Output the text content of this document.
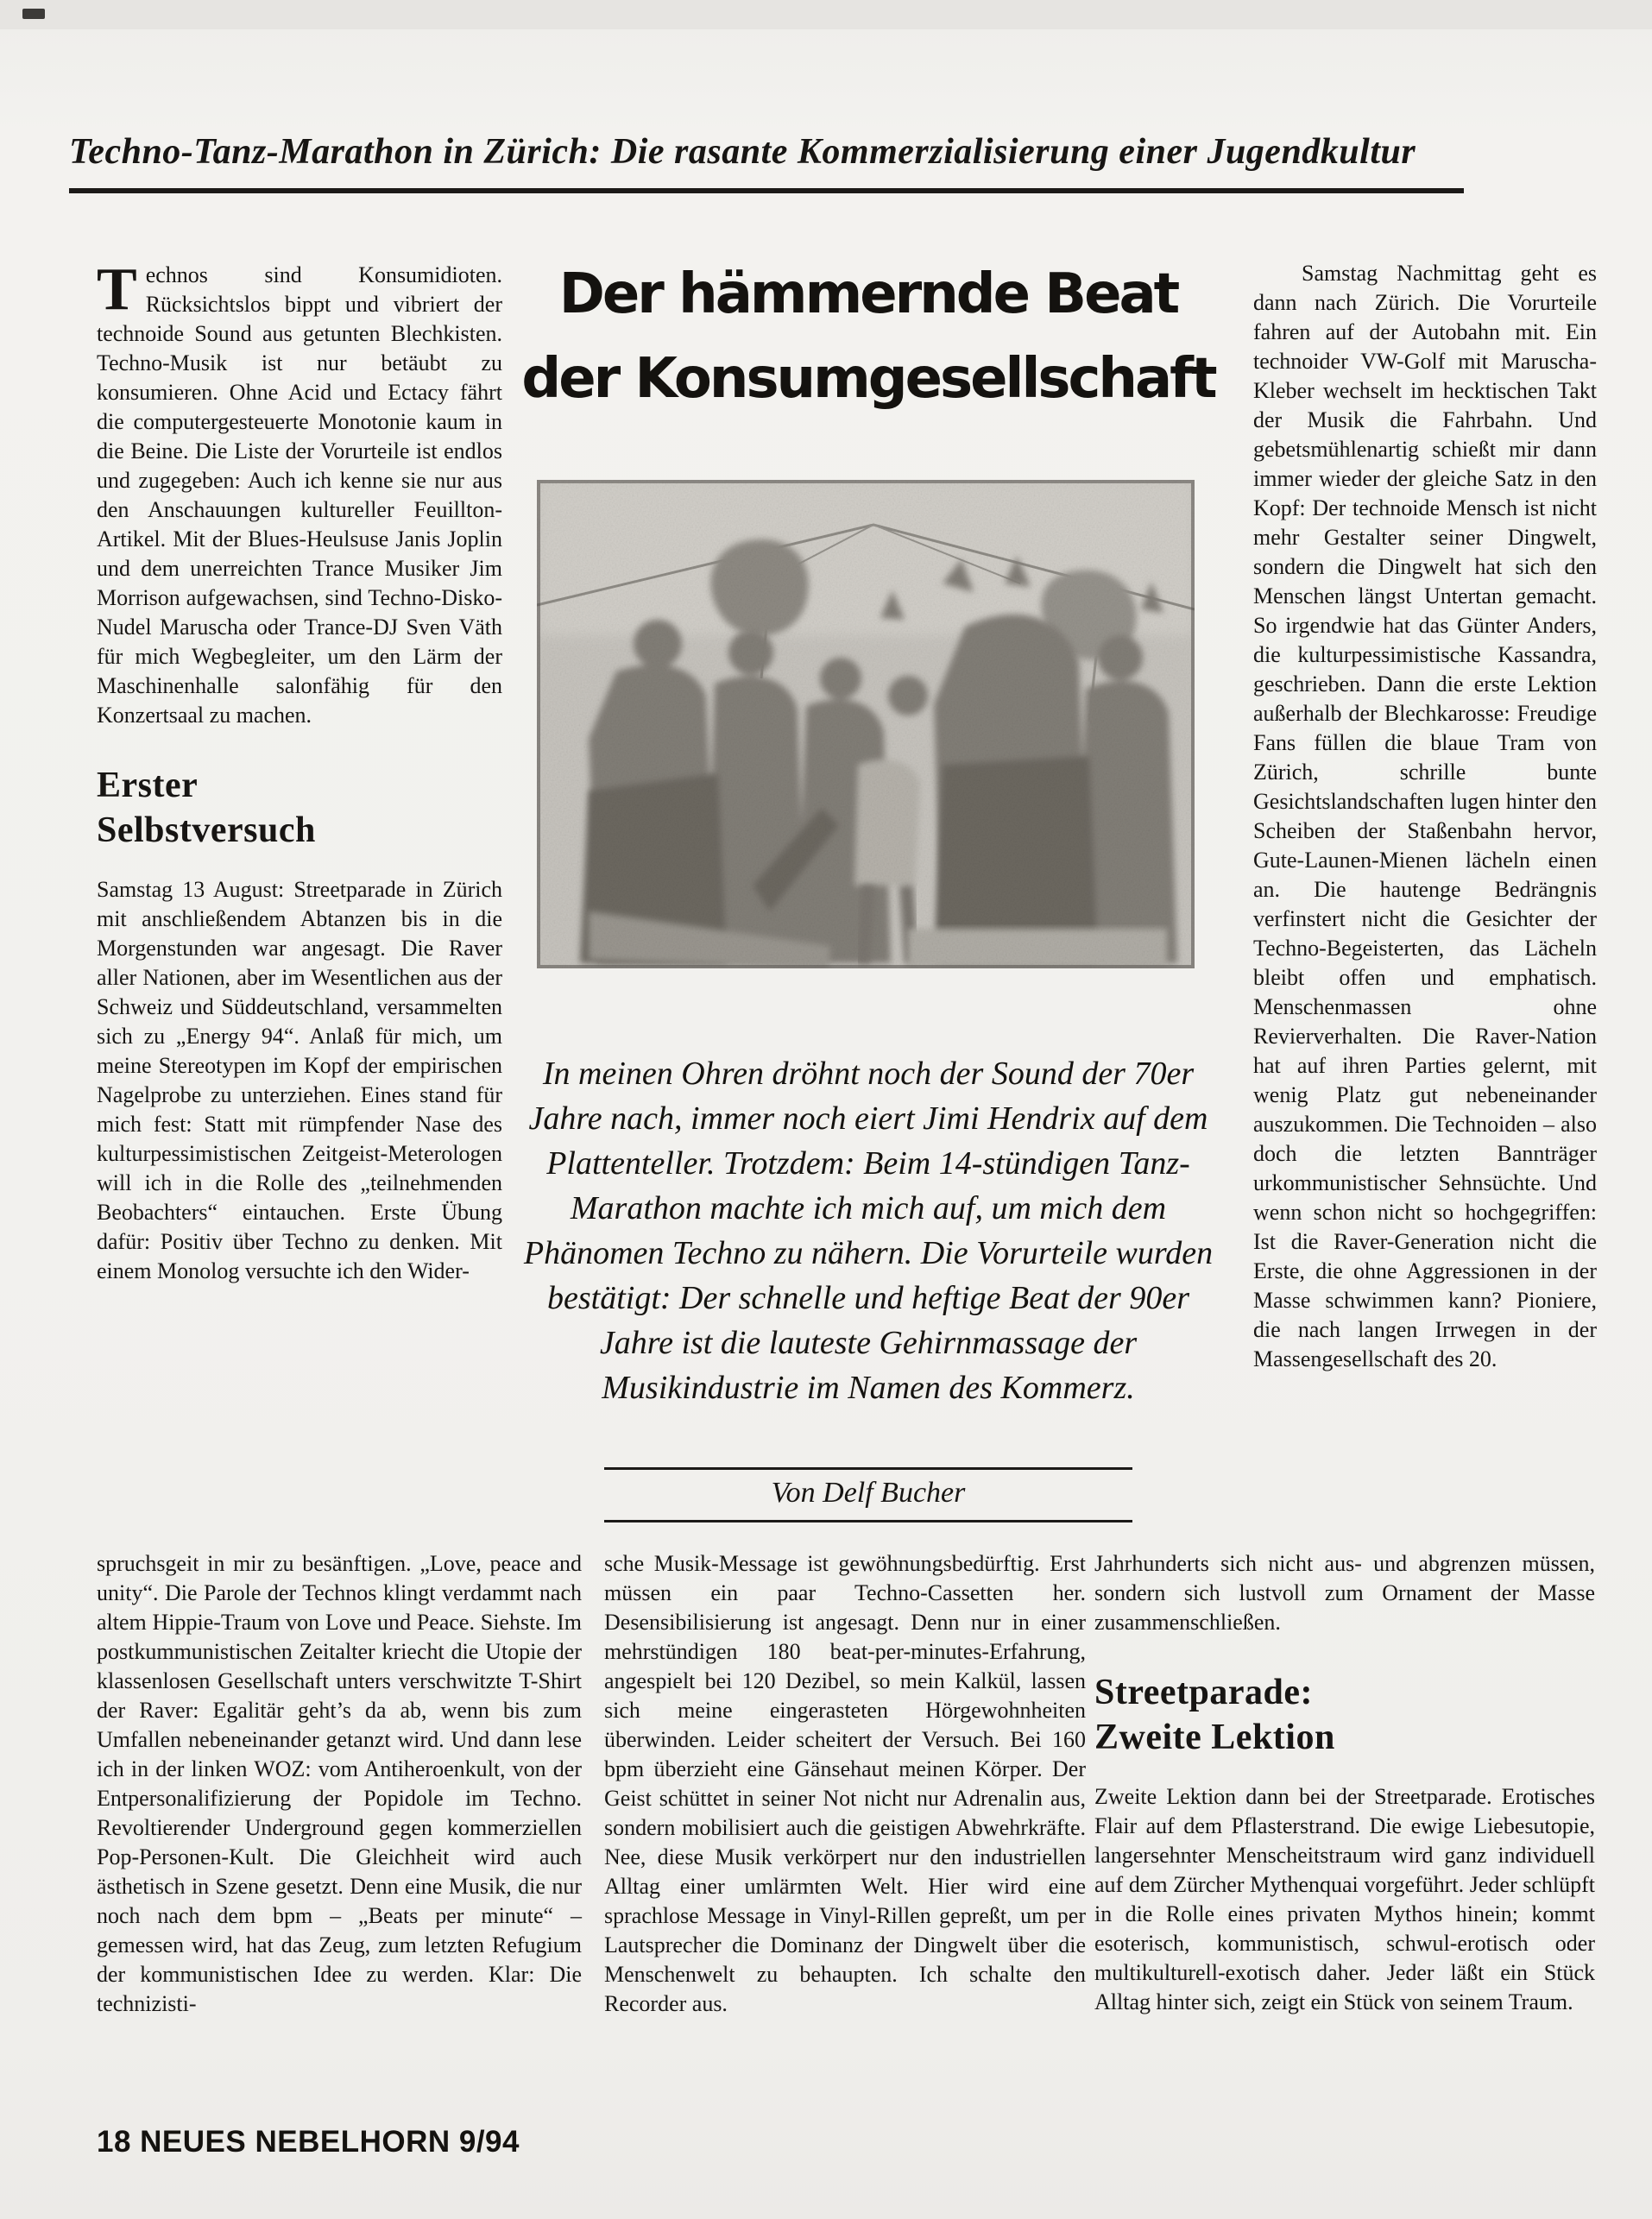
Techno-Tanz-Marathon in Zürich: Die rasante Kommerzialisierung einer Jugendkultur
Der hämmernde Beat
der Konsumgesellschaft

Technos sind Konsumidioten. Rücksichtslos bippt und vibriert der technoide Sound aus getunten Blechkisten. Techno-Musik ist nur betäubt zu konsumieren. Ohne Acid und Ectacy fährt die computergesteuerte Monotonie kaum in die Beine. Die Liste der Vorurteile ist endlos und zugegeben: Auch ich kenne sie nur aus den Anschauungen kultureller Feuillton-Artikel. Mit der Blues-Heulsuse Janis Joplin und dem unerreichten Trance Musiker Jim Morrison aufgewachsen, sind Techno-Disko-Nudel Maruscha oder Trance-DJ Sven Väth für mich Wegbegleiter, um den Lärm der Maschinenhalle salonfähig für den Konzertsaal zu machen.

Erster Selbstversuch

Samstag 13 August: Streetparade in Zürich mit anschließendem Abtanzen bis in die Morgenstunden war angesagt. Die Raver aller Nationen, aber im Wesentlichen aus der Schweiz und Süddeutschland, versammelten sich zu „Energy 94“. Anlaß für mich, um meine Stereotypen im Kopf der empirischen Nagelprobe zu unterziehen. Eines stand für mich fest: Statt mit rümpfender Nase des kulturpessimistischen Zeitgeist-Meterologen will ich in die Rolle des „teilnehmenden Beobachters“ eintauchen. Erste Übung dafür: Positiv über Techno zu denken. Mit einem Monolog versuchte ich den Wider-

In meinen Ohren dröhnt noch der Sound der 70er Jahre nach, immer noch eiert Jimi Hendrix auf dem Plattenteller. Trotzdem: Beim 14-stündigen Tanz-Marathon machte ich mich auf, um mich dem Phänomen Techno zu nähern. Die Vorurteile wurden bestätigt: Der schnelle und heftige Beat der 90er Jahre ist die lauteste Gehirnmassage der Musikindustrie im Namen des Kommerz.
Von Delf Bucher

Samstag Nachmittag geht es dann nach Zürich. Die Vorurteile fahren auf der Autobahn mit. Ein technoider VW-Golf mit Maruscha-Kleber wechselt im hecktischen Takt der Musik die Fahrbahn. Und gebetsmühlenartig schießt mir dann immer wieder der gleiche Satz in den Kopf: Der technoide Mensch ist nicht mehr Gestalter seiner Dingwelt, sondern die Dingwelt hat sich den Menschen längst Untertan gemacht. So irgendwie hat das Günter Anders, die kulturpessimistische Kassandra, geschrieben. Dann die erste Lektion außerhalb der Blechkarosse: Freudige Fans füllen die blaue Tram von Zürich, schrille bunte Gesichtslandschaften lugen hinter den Scheiben der Staßenbahn hervor, Gute-Launen-Mienen lächeln einen an. Die hautenge Bedrängnis verfinstert nicht die Gesichter der Techno-Begeisterten, das Lächeln bleibt offen und emphatisch. Menschenmassen ohne Revierverhalten. Die Raver-Nation hat auf ihren Parties gelernt, mit wenig Platz gut nebeneinander auszukommen. Die Technoiden – also doch die letzten Bannträger urkommunistischer Sehnsüchte. Und wenn schon nicht so hochgegriffen: Ist die Raver-Generation nicht die Erste, die ohne Aggressionen in der Masse schwimmen kann? Pioniere, die nach langen Irrwegen in der Massengesellschaft des 20.

spruchsgeit in mir zu besänftigen. „Love, peace and unity“. Die Parole der Technos klingt verdammt nach altem Hippie-Traum von Love und Peace. Siehste. Im postkummunistischen Zeitalter kriecht die Utopie der klassenlosen Gesellschaft unters verschwitzte T-Shirt der Raver: Egalitär geht’s da ab, wenn bis zum Umfallen nebeneinander getanzt wird. Und dann lese ich in der linken WOZ: vom Antiheroenkult, von der Entpersonalifizierung der Popidole im Techno. Revoltierender Underground gegen kommerziellen Pop-Personen-Kult. Die Gleichheit wird auch ästhetisch in Szene gesetzt. Denn eine Musik, die nur noch nach dem bpm – „Beats per minute“ – gemessen wird, hat das Zeug, zum letzten Refugium der kommunistischen Idee zu werden. Klar: Die technizisti-

sche Musik-Message ist gewöhnungsbedürftig. Erst müssen ein paar Techno-Cassetten her. Desensibilisierung ist angesagt. Denn nur in einer mehrstündigen 180 beat-per-minutes-Erfahrung, angespielt bei 120 Dezibel, so mein Kalkül, lassen sich meine eingerasteten Hörgewohnheiten überwinden. Leider scheitert der Versuch. Bei 160 bpm überzieht eine Gänsehaut meinen Körper. Der Geist schüttet in seiner Not nicht nur Adrenalin aus, sondern mobilisiert auch die geistigen Abwehrkräfte. Nee, diese Musik verkörpert nur den industriellen Alltag einer umlärmten Welt. Hier wird eine sprachlose Message in Vinyl-Rillen gepreßt, um per Lautsprecher die Dominanz der Dingwelt über die Menschenwelt zu behaupten. Ich schalte den Recorder aus.

Jahrhunderts sich nicht aus- und abgrenzen müssen, sondern sich lustvoll zum Ornament der Masse zusammenschließen.

Streetparade: Zweite Lektion

Zweite Lektion dann bei der Streetparade. Erotisches Flair auf dem Pflasterstrand. Die ewige Liebesutopie, langersehnter Menscheitstraum wird ganz individuell auf dem Zürcher Mythenquai vorgeführt. Jeder schlüpft in die Rolle eines privaten Mythos hinein; kommt esoterisch, kommunistisch, schwul-erotisch oder multikulturell-exotisch daher. Jeder läßt ein Stück Alltag hinter sich, zeigt ein Stück von seinem Traum.

18 NEUES NEBELHORN 9/94
